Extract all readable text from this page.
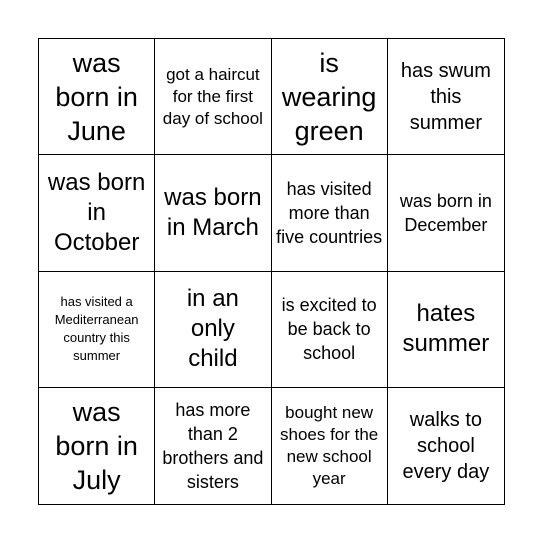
was born in June
got a haircut for the first day of school
is wearing green
has swum this summer
was born in October
was born in March
has visited more than five countries
was born in December
has visited a Mediterranean country this summer
in an only child
is excited to be back to school
hates summer
was born in July
has more than 2 brothers and sisters
bought new shoes for the new school year
walks to school every day
